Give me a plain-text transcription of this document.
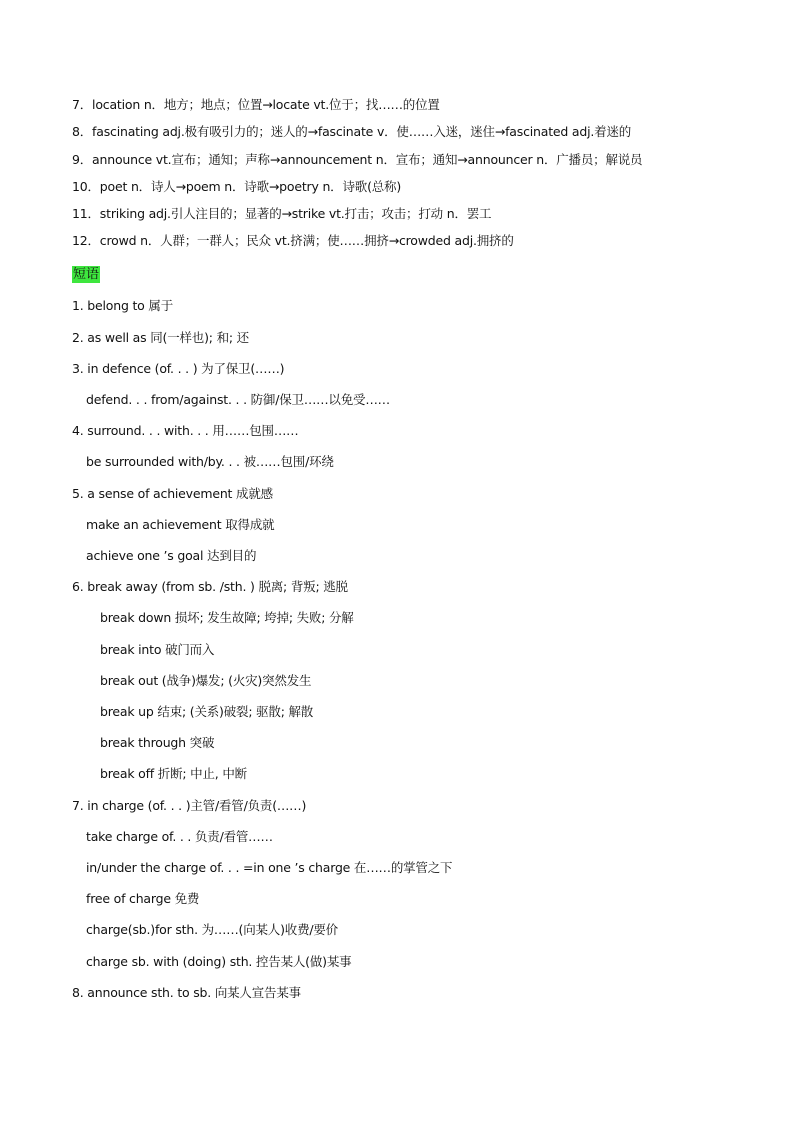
7．location n．地方；地点；位置→locate vt.位于；找……的位置
8．fascinating adj.极有吸引力的；迷人的→fascinate v．使……入迷，迷住→fascinated adj.着迷的
9．announce vt.宣布；通知；声称→announcement n．宣布；通知→announcer n．广播员；解说员
10．poet n．诗人→poem n．诗歌→poetry n．诗歌(总称)
11．striking adj.引人注目的；显著的→strike vt.打击；攻击；打动 n．罢工
12．crowd n．人群；一群人；民众 vt.挤满；使……拥挤→crowded adj.拥挤的
短语
1. belong to 属于
2. as well as 同(一样也); 和; 还
3. in defence (of. . . ) 为了保卫(……)
defend. . . from/against. . . 防御/保卫……以免受……
4. surround. . . with. . . 用……包围……
be surrounded with/by. . . 被……包围/环绕
5. a sense of achievement 成就感
make an achievement 取得成就
achieve one ’s goal 达到目的
6. break away (from sb. /sth. ) 脱离; 背叛; 逃脱
break down 损坏; 发生故障; 垮掉; 失败; 分解
break into 破门而入
break out (战争)爆发; (火灾)突然发生
break up 结束; (关系)破裂; 驱散; 解散
break through 突破
break off 折断; 中止, 中断
7. in charge (of. . . )主管/看管/负责(……)
take charge of. . . 负责/看管……
in/under the charge of. . . =in one ’s charge 在……的掌管之下
free of charge 免费
charge(sb.)for sth. 为……(向某人)收费/要价
charge sb. with (doing) sth. 控告某人(做)某事
8. announce sth. to sb. 向某人宣告某事
